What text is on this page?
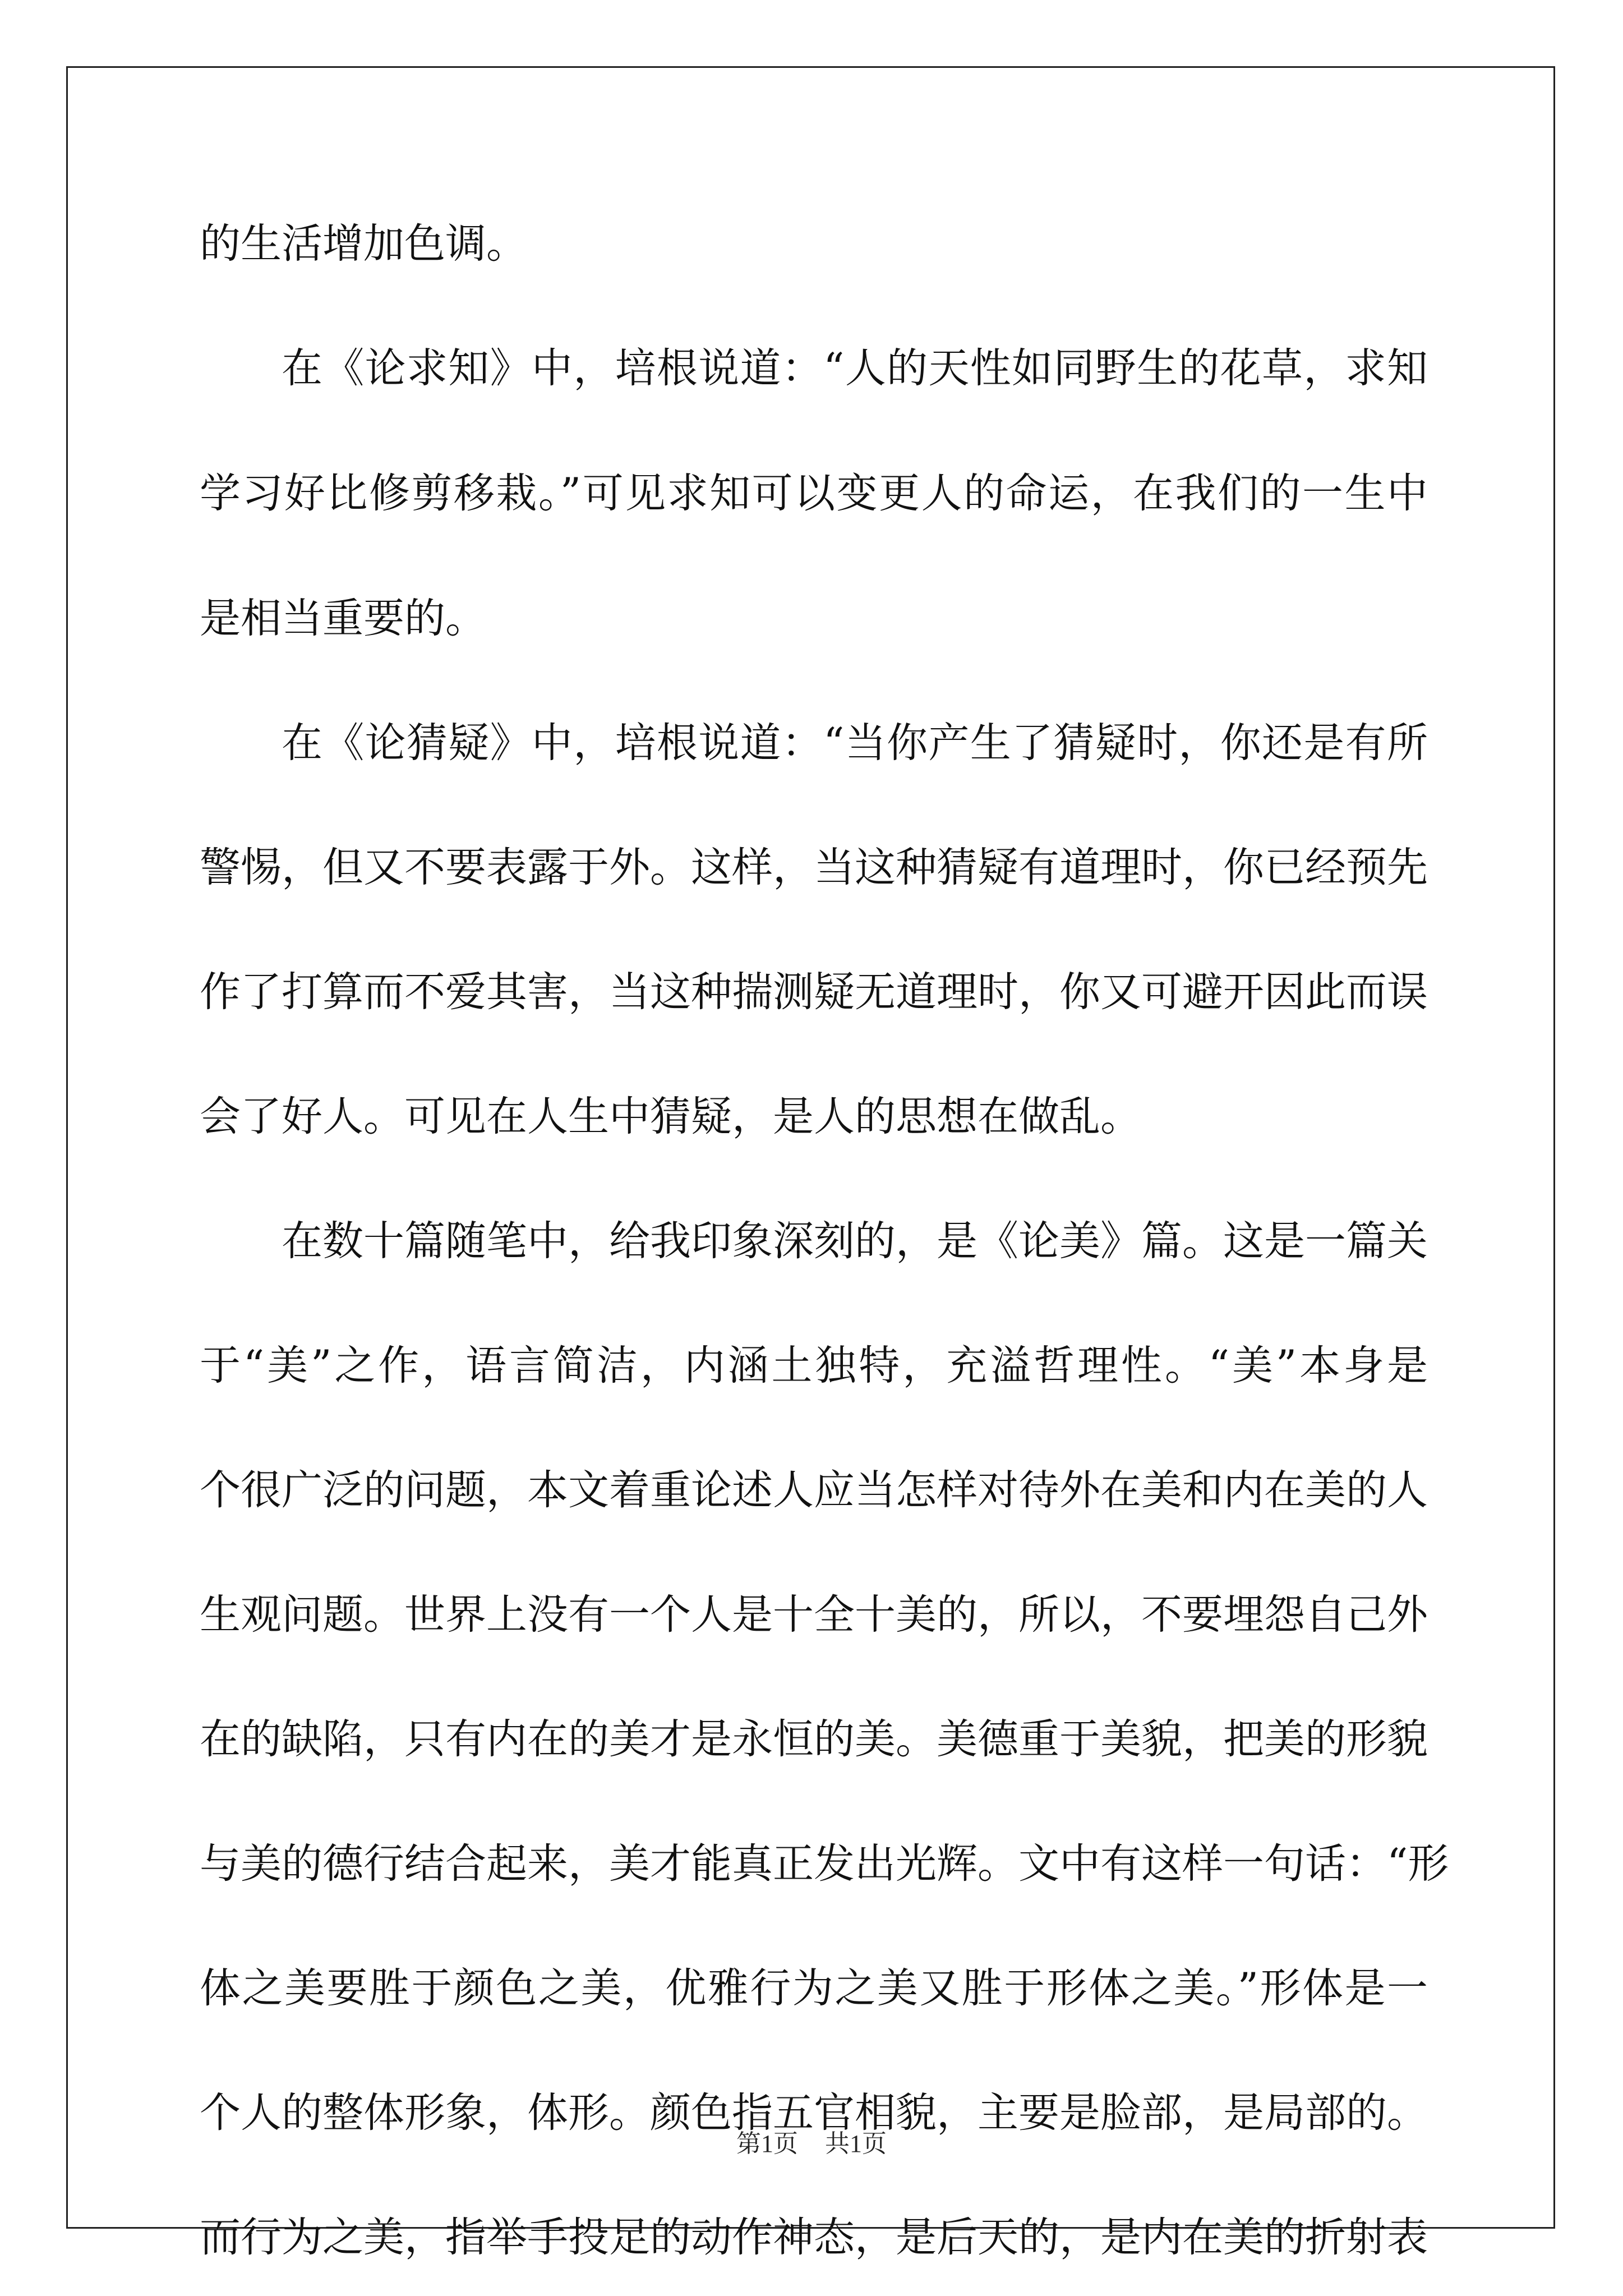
的生活增加色调。
在《论求知》中，培根说道：“人的天性如同野生的花草，求知
学习好比修剪移栽。”可见求知可以变更人的命运，在我们的一生中
是相当重要的。
在《论猜疑》中，培根说道：“当你产生了猜疑时，你还是有所
警惕，但又不要表露于外。这样，当这种猜疑有道理时，你已经预先
作了打算而不爱其害，当这种揣测疑无道理时，你又可避开因此而误
会了好人。可见在人生中猜疑，是人的思想在做乱。
在数十篇随笔中，给我印象深刻的，是《论美》篇。这是一篇关
于“美”之作，语言简洁，内涵土独特，充溢哲理性。“美”本身是
个很广泛的问题，本文着重论述人应当怎样对待外在美和内在美的人
生观问题。世界上没有一个人是十全十美的，所以，不要埋怨自己外
在的缺陷，只有内在的美才是永恒的美。美德重于美貌，把美的形貌
与美的德行结合起来，美才能真正发出光辉。文中有这样一句话：“形
体之美要胜于颜色之美，优雅行为之美又胜于形体之美。”形体是一
个人的整体形象，体形。颜色指五官相貌，主要是脸部，是局部的。
而行为之美，指举手投足的动作神态，是后天的，是内在美的折射表
第1页 共1页
